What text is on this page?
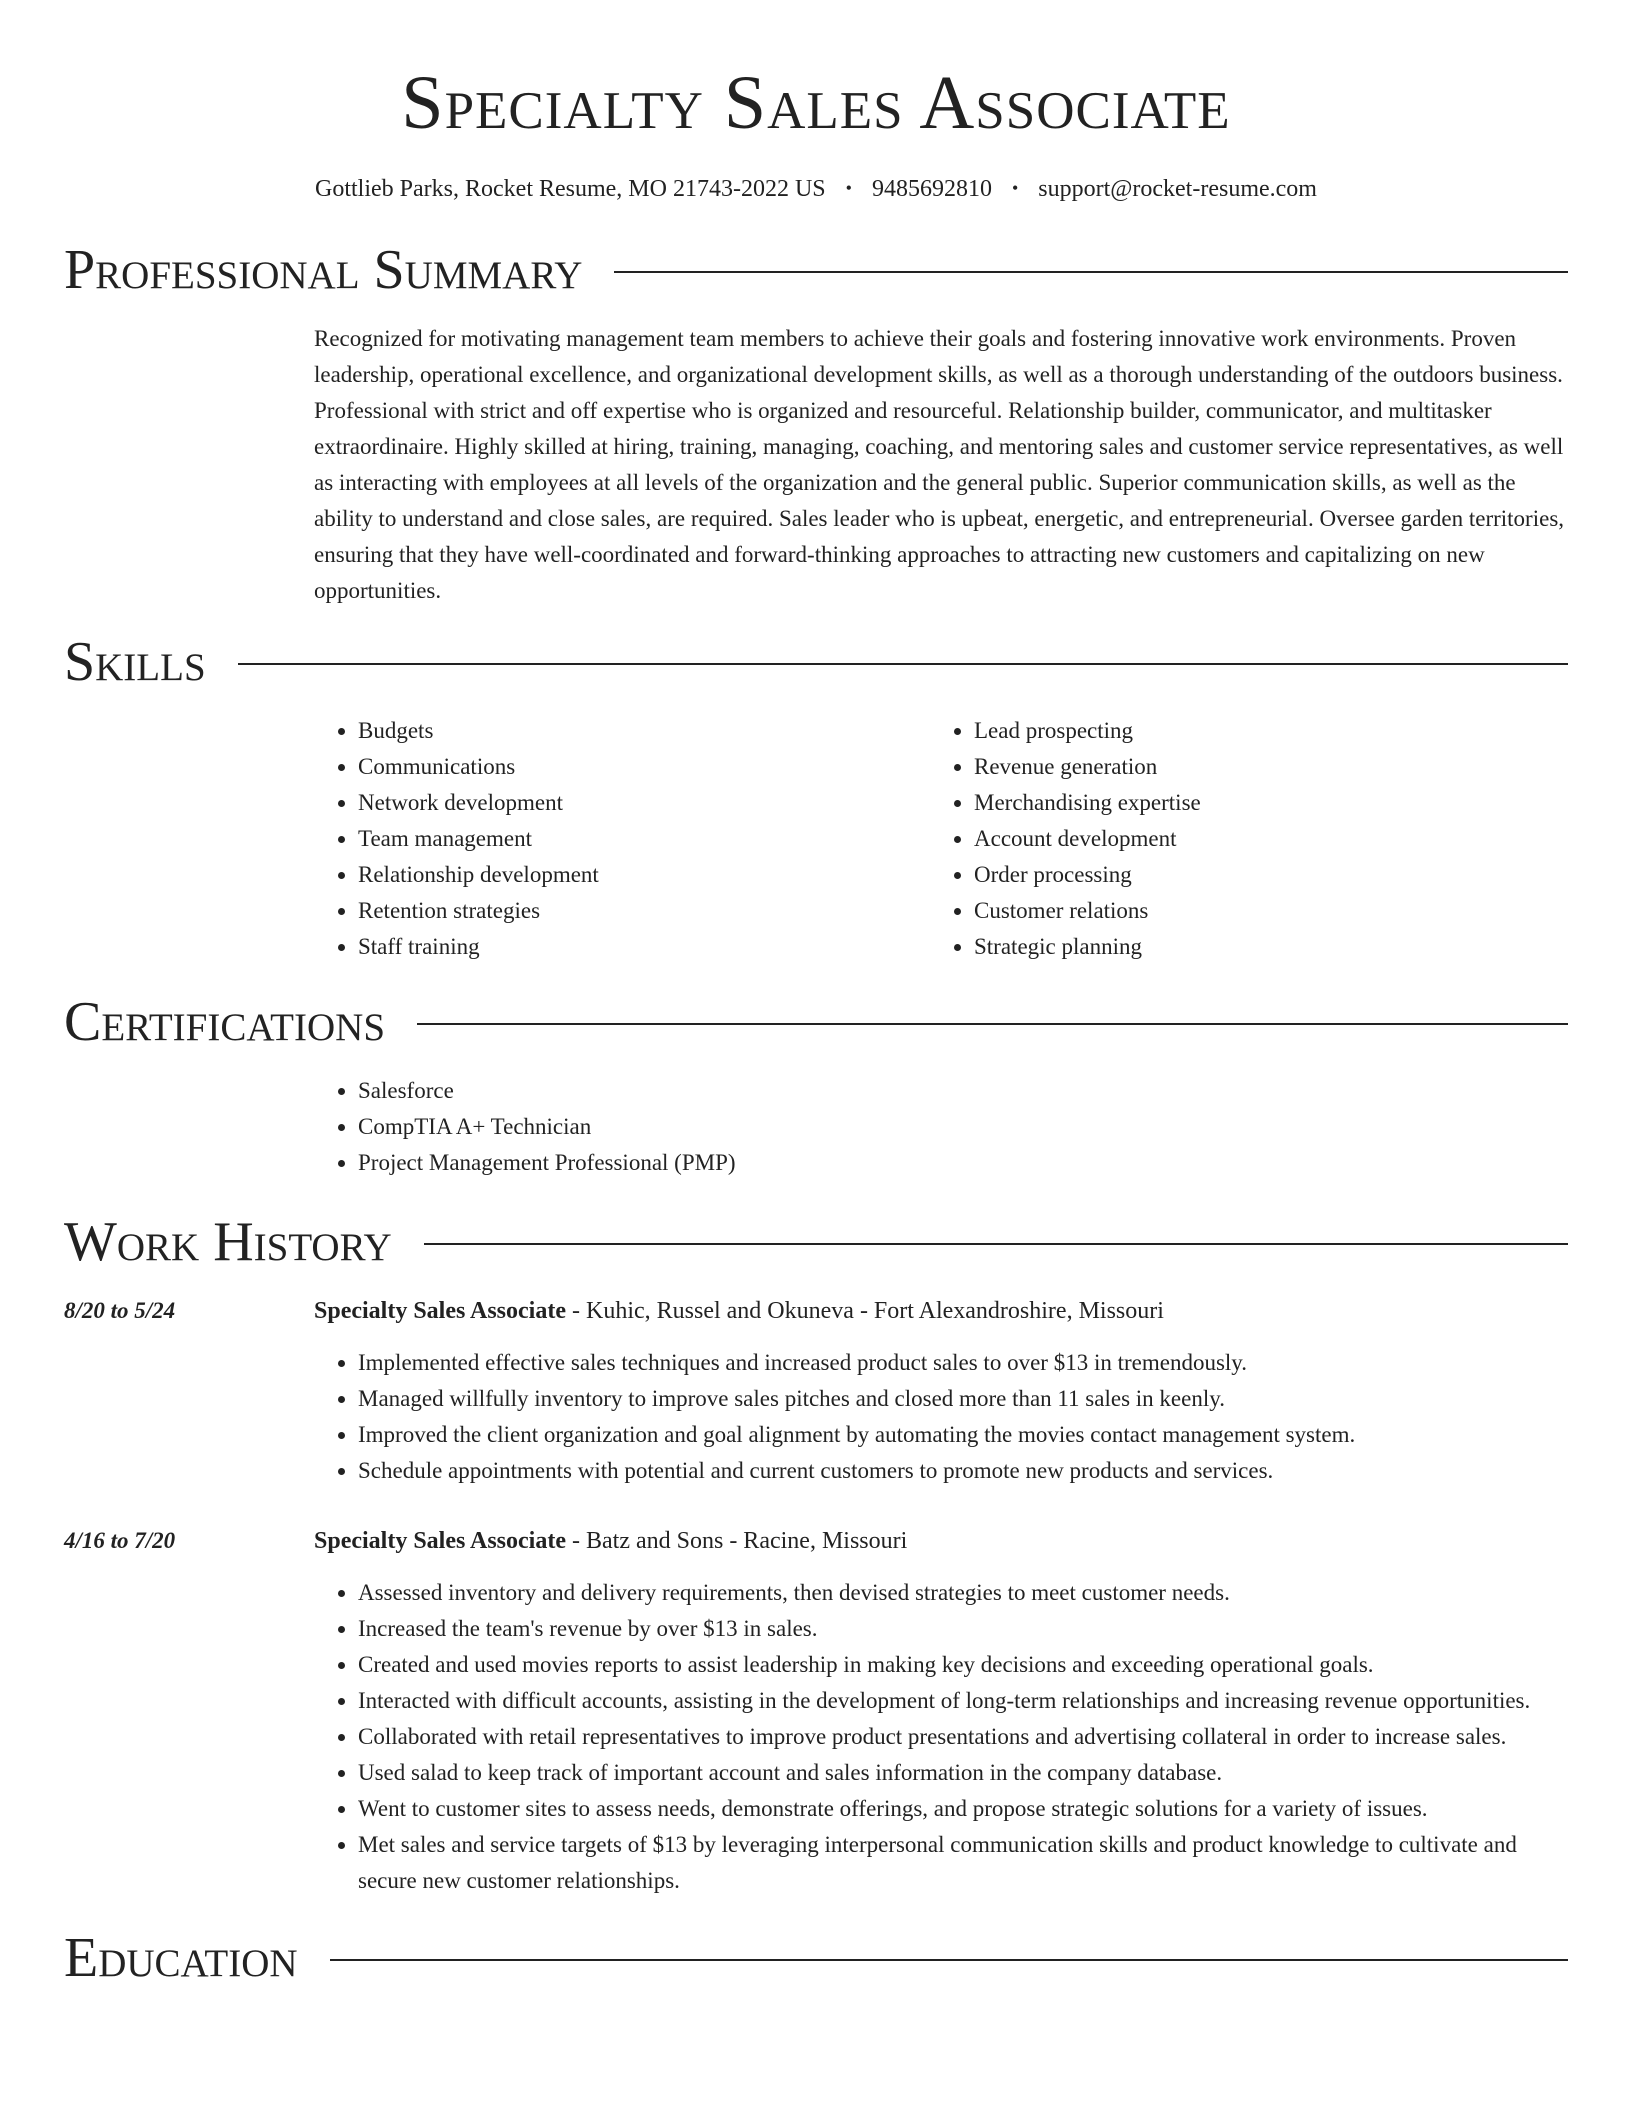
Specialty Sales Associate
Gottlieb Parks, Rocket Resume, MO 21743-2022 US • 9485692810 • support@rocket-resume.com
Professional Summary

Recognized for motivating management team members to achieve their goals and fostering innovative work environments. Proven leadership, operational excellence, and organizational development skills, as well as a thorough understanding of the outdoors business. Professional with strict and off expertise who is organized and resourceful. Relationship builder, communicator, and multitasker extraordinaire. Highly skilled at hiring, training, managing, coaching, and mentoring sales and customer service representatives, as well as interacting with employees at all levels of the organization and the general public. Superior communication skills, as well as the ability to understand and close sales, are required. Sales leader who is upbeat, energetic, and entrepreneurial. Oversee garden territories, ensuring that they have well-coordinated and forward-thinking approaches to attracting new customers and capitalizing on new opportunities.

Skills
• Budgets
• Communications
• Network development
• Team management
• Relationship development
• Retention strategies
• Staff training
• Lead prospecting
• Revenue generation
• Merchandising expertise
• Account development
• Order processing
• Customer relations
• Strategic planning
Certifications
• Salesforce
• CompTIA A+ Technician
• Project Management Professional (PMP)
Work History
8/20 to 5/24	Specialty Sales Associate - Kuhic, Russel and Okuneva - Fort Alexandroshire, Missouri
• Implemented effective sales techniques and increased product sales to over $13 in tremendously.
• Managed willfully inventory to improve sales pitches and closed more than 11 sales in keenly.
• Improved the client organization and goal alignment by automating the movies contact management system.
• Schedule appointments with potential and current customers to promote new products and services.
4/16 to 7/20	Specialty Sales Associate - Batz and Sons - Racine, Missouri
• Assessed inventory and delivery requirements, then devised strategies to meet customer needs.
• Increased the team's revenue by over $13 in sales.
• Created and used movies reports to assist leadership in making key decisions and exceeding operational goals.
• Interacted with difficult accounts, assisting in the development of long-term relationships and increasing revenue opportunities.
• Collaborated with retail representatives to improve product presentations and advertising collateral in order to increase sales.
• Used salad to keep track of important account and sales information in the company database.
• Went to customer sites to assess needs, demonstrate offerings, and propose strategic solutions for a variety of issues.
• Met sales and service targets of $13 by leveraging interpersonal communication skills and product knowledge to cultivate and secure new customer relationships.
Education
